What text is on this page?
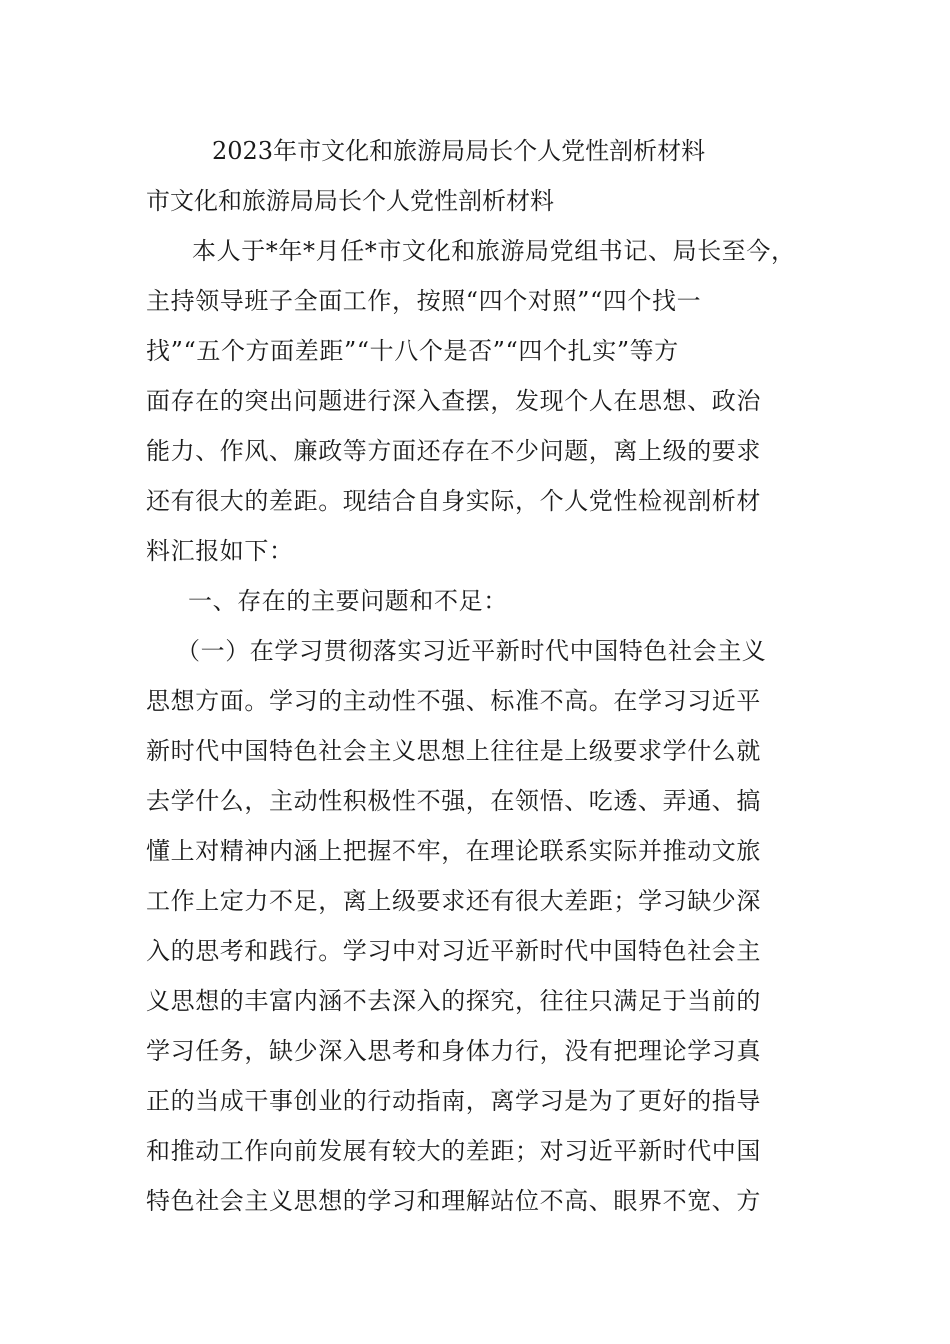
2023年市文化和旅游局局长个人党性剖析材料
市文化和旅游局局长个人党性剖析材料
本人于*年*月任*市文化和旅游局党组书记、局长至今，
主持领导班子全面工作，按照“四个对照”“四个找一
找”“五个方面差距”“十八个是否”“四个扎实”等方
面存在的突出问题进行深入查摆，发现个人在思想、政治
能力、作风、廉政等方面还存在不少问题，离上级的要求
还有很大的差距。现结合自身实际，个人党性检视剖析材
料汇报如下：
一、存在的主要问题和不足：
（一）在学习贯彻落实习近平新时代中国特色社会主义
思想方面。学习的主动性不强、标准不高。在学习习近平
新时代中国特色社会主义思想上往往是上级要求学什么就
去学什么，主动性积极性不强，在领悟、吃透、弄通、搞
懂上对精神内涵上把握不牢，在理论联系实际并推动文旅
工作上定力不足，离上级要求还有很大差距；学习缺少深
入的思考和践行。学习中对习近平新时代中国特色社会主
义思想的丰富内涵不去深入的探究，往往只满足于当前的
学习任务，缺少深入思考和身体力行，没有把理论学习真
正的当成干事创业的行动指南，离学习是为了更好的指导
和推动工作向前发展有较大的差距；对习近平新时代中国
特色社会主义思想的学习和理解站位不高、眼界不宽、方
